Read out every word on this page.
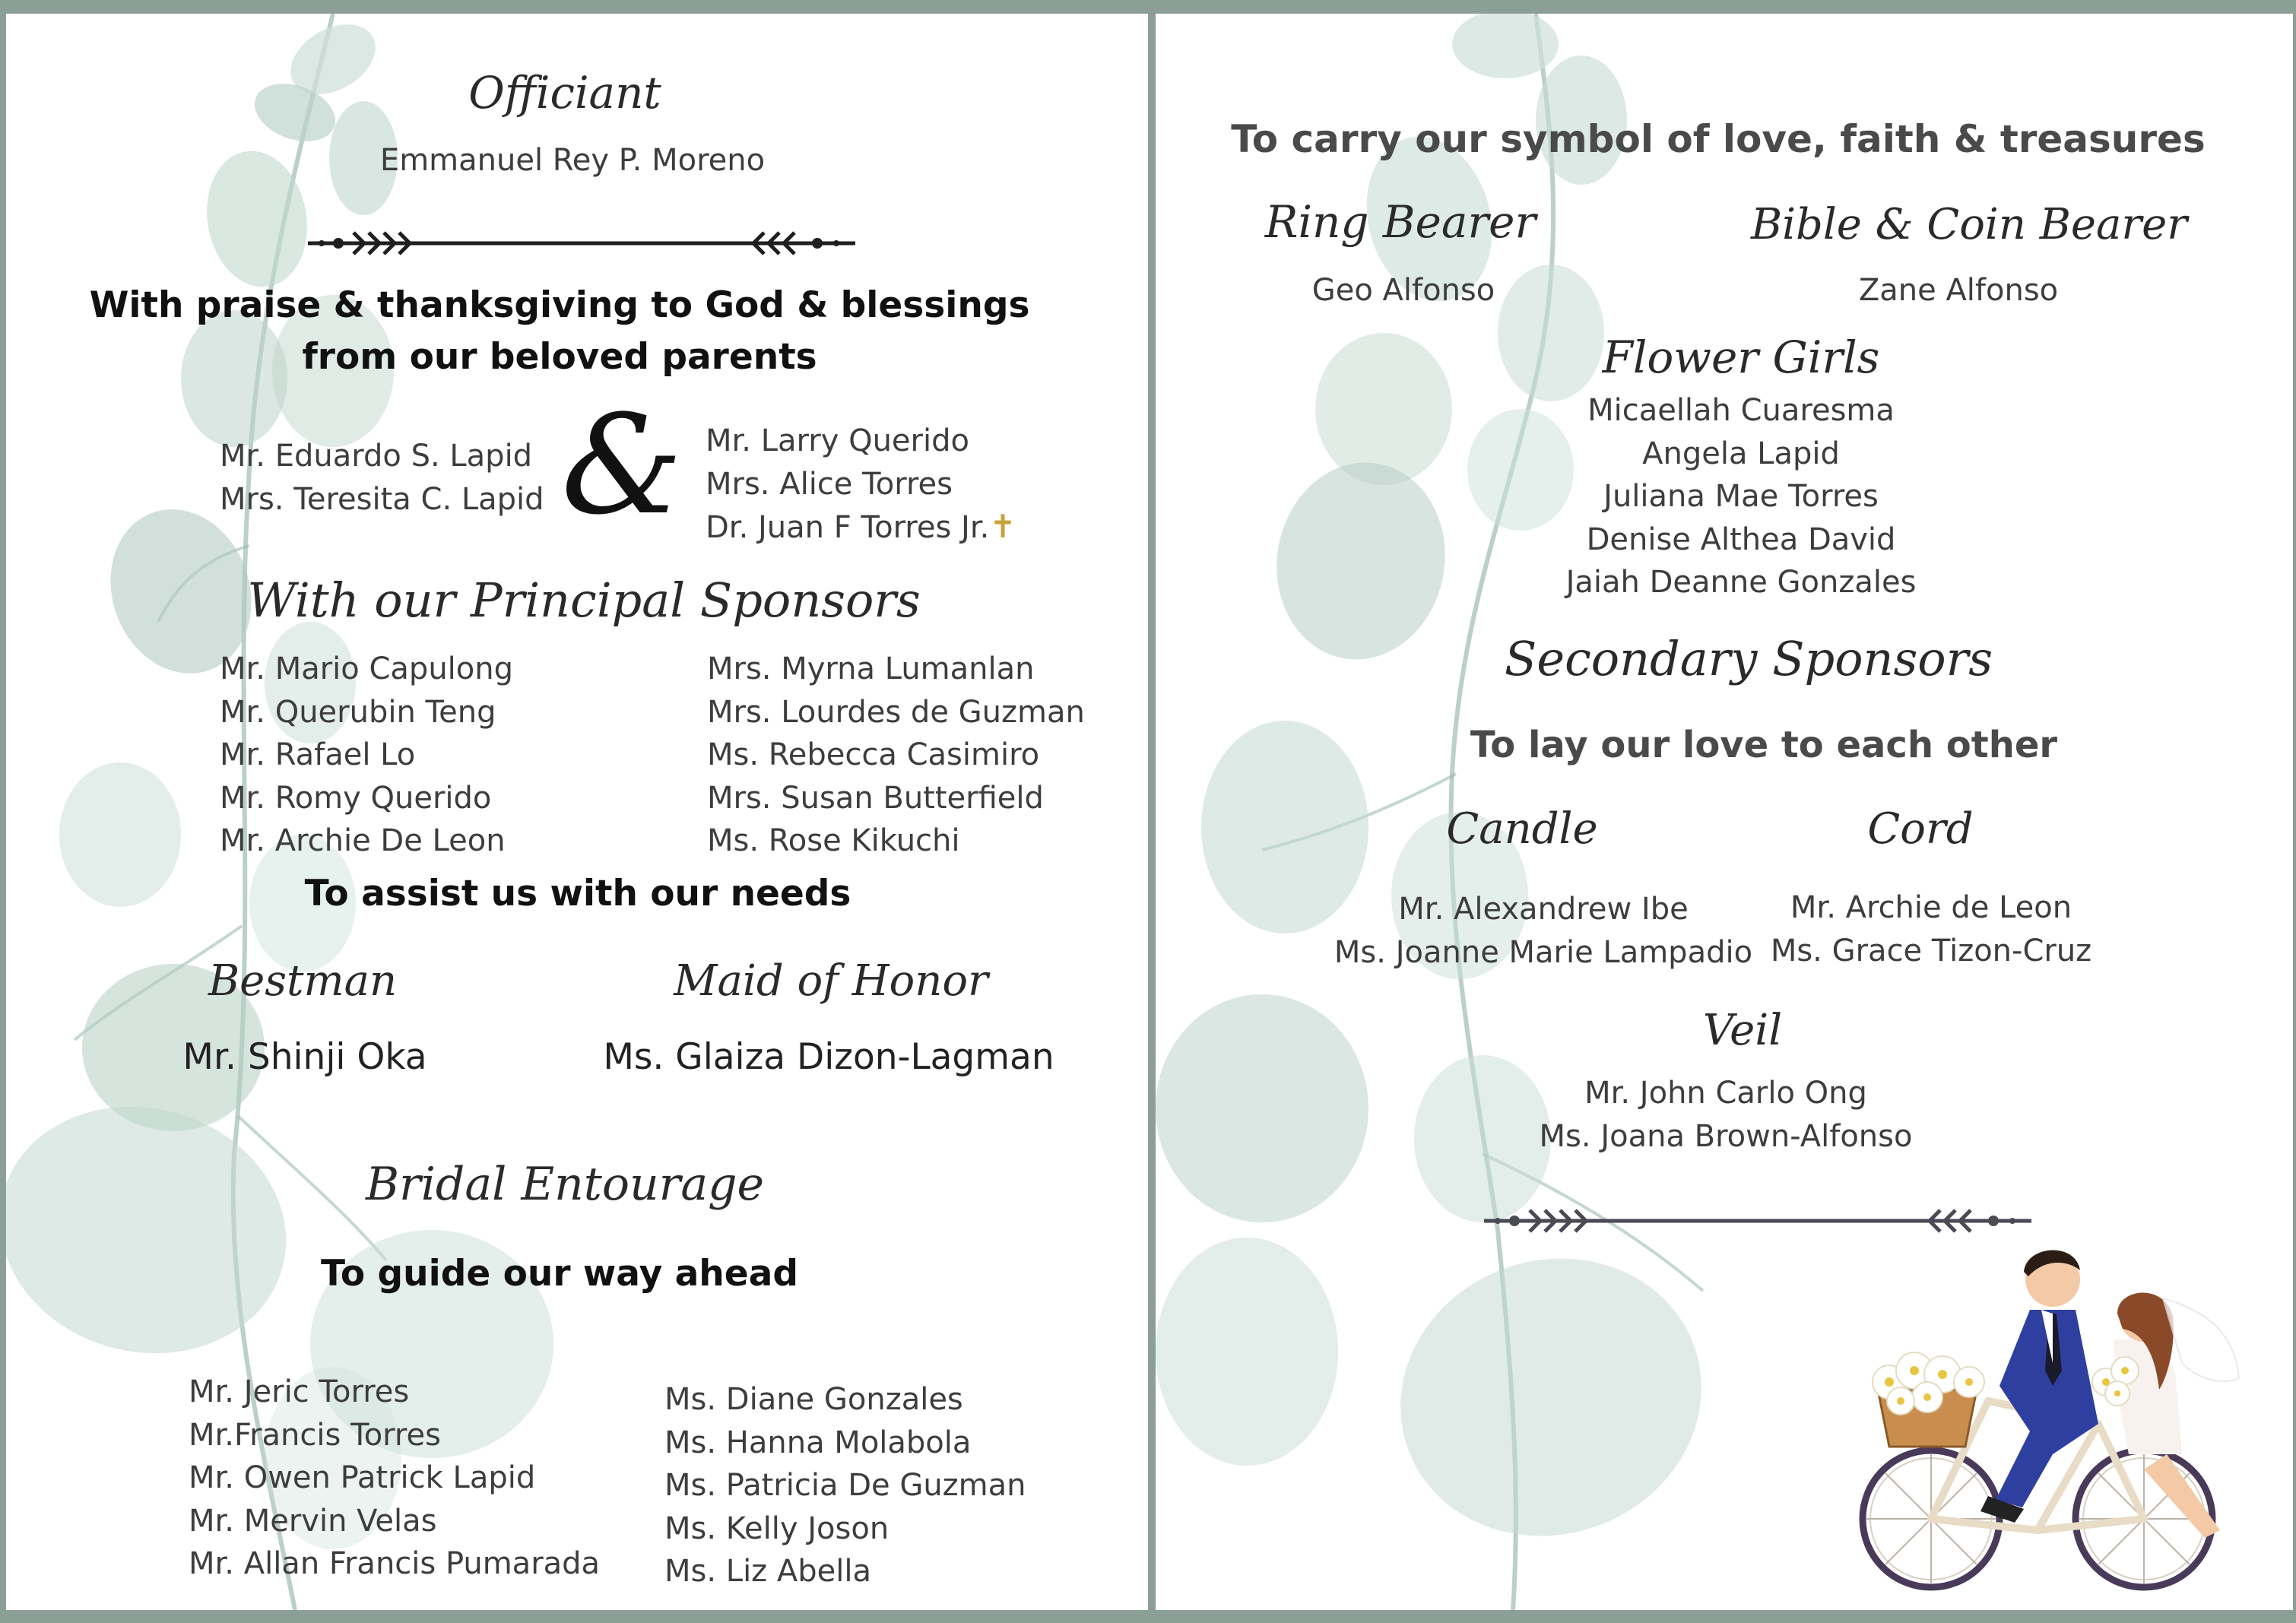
Officiant
Emmanuel Rey P. Moreno
With praise & thanksgiving to God & blessings
from our beloved parents
Mr. Eduardo S. Lapid
Mrs. Teresita C. Lapid & Mr. Larry Querido
Mrs. Alice Torres
Dr. Juan F Torres Jr.✝
With our Principal Sponsors
Mr. Mario Capulong
Mr. Querubin Teng
Mr. Rafael Lo
Mr. Romy Querido
Mr. Archie De Leon
Mrs. Myrna Lumanlan
Mrs. Lourdes de Guzman
Ms. Rebecca Casimiro
Mrs. Susan Butterfield
Ms. Rose Kikuchi
To assist us with our needs
Bestman
Mr. Shinji Oka
Maid of Honor
Ms. Glaiza Dizon-Lagman
Bridal Entourage
To guide our way ahead
Mr. Jeric Torres
Mr.Francis Torres
Mr. Owen Patrick Lapid
Mr. Mervin Velas
Mr. Allan Francis Pumarada
Ms. Diane Gonzales
Ms. Hanna Molabola
Ms. Patricia De Guzman
Ms. Kelly Joson
Ms. Liz Abella
To carry our symbol of love, faith & treasures
Ring Bearer
Geo Alfonso
Bible & Coin Bearer
Zane Alfonso
Flower Girls
Micaellah Cuaresma
Angela Lapid
Juliana Mae Torres
Denise Althea David
Jaiah Deanne Gonzales
Secondary Sponsors
To lay our love to each other
Candle
Mr. Alexandrew Ibe
Ms. Joanne Marie Lampadio
Cord
Mr. Archie de Leon
Ms. Grace Tizon-Cruz
Veil
Mr. John Carlo Ong
Ms. Joana Brown-Alfonso
